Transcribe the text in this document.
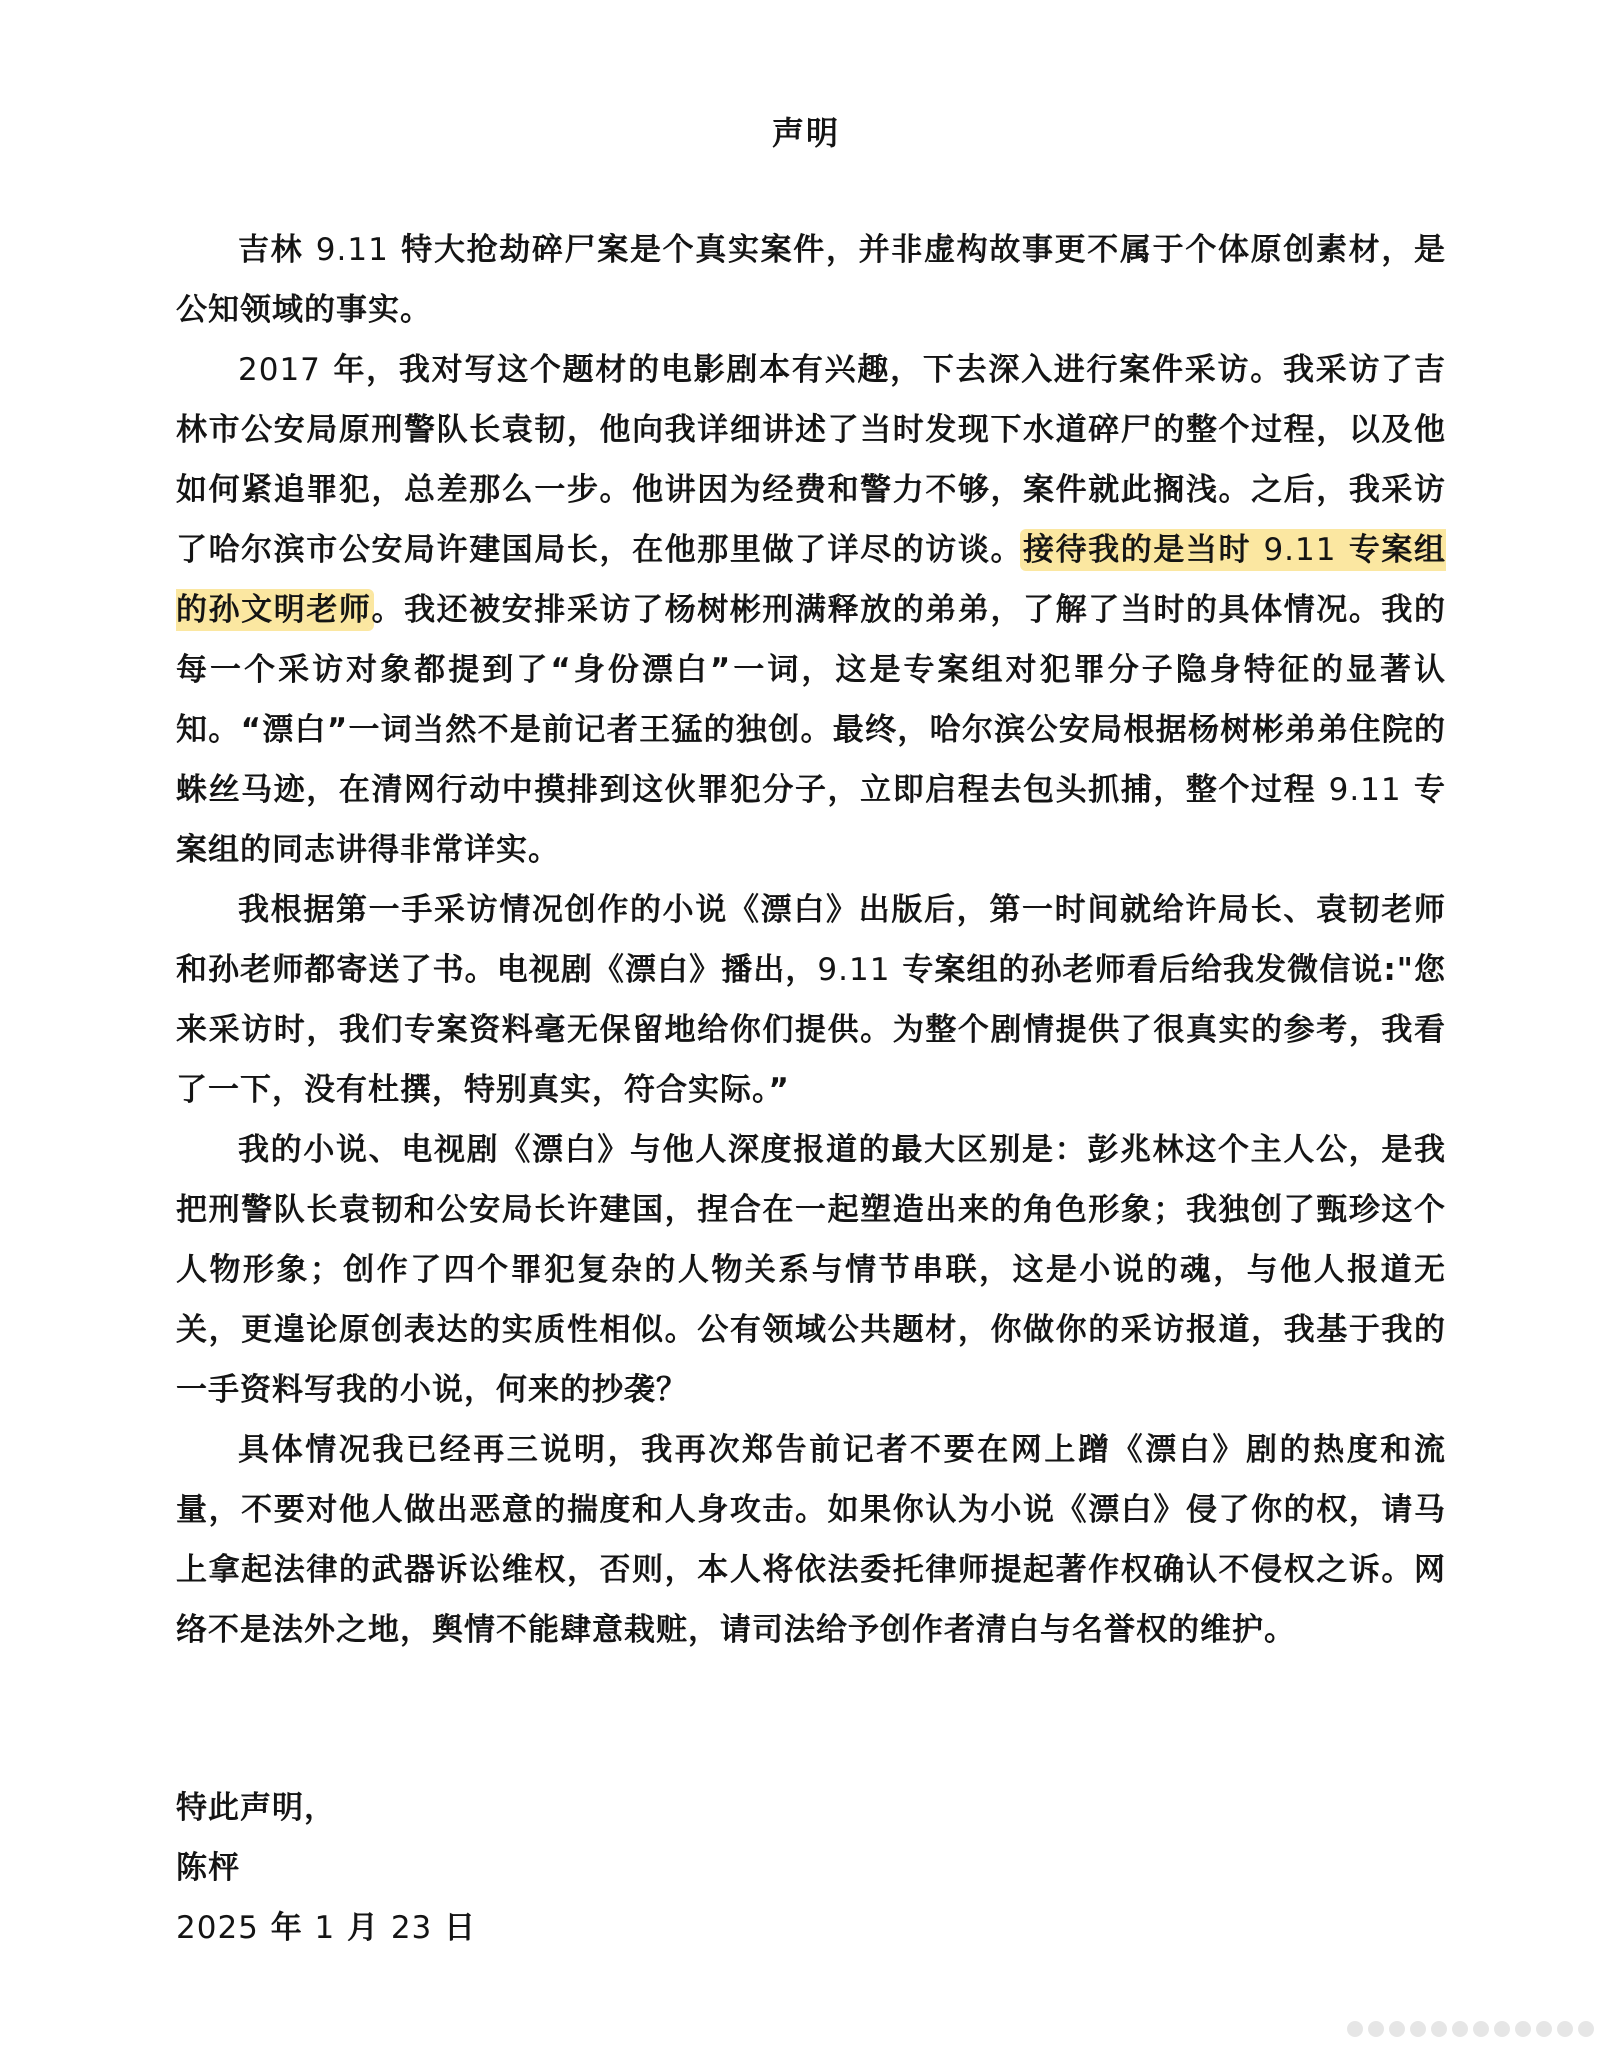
声明

吉林 9.11 特大抢劫碎尸案是个真实案件，并非虚构故事更不属于个体原创素材，是公知领域的事实。

2017 年，我对写这个题材的电影剧本有兴趣，下去深入进行案件采访。我采访了吉林市公安局原刑警队长袁韧，他向我详细讲述了当时发现下水道碎尸的整个过程，以及他如何紧追罪犯，总差那么一步。他讲因为经费和警力不够，案件就此搁浅。之后，我采访了哈尔滨市公安局许建国局长，在他那里做了详尽的访谈。接待我的是当时 9.11 专案组的孙文明老师。我还被安排采访了杨树彬刑满释放的弟弟，了解了当时的具体情况。我的每一个采访对象都提到了“身份漂白”一词，这是专案组对犯罪分子隐身特征的显著认知。“漂白”一词当然不是前记者王猛的独创。最终，哈尔滨公安局根据杨树彬弟弟住院的蛛丝马迹，在清网行动中摸排到这伙罪犯分子，立即启程去包头抓捕，整个过程 9.11 专案组的同志讲得非常详实。

我根据第一手采访情况创作的小说《漂白》出版后，第一时间就给许局长、袁韧老师和孙老师都寄送了书。电视剧《漂白》播出，9.11 专案组的孙老师看后给我发微信说:"您来采访时，我们专案资料毫无保留地给你们提供。为整个剧情提供了很真实的参考，我看了一下，没有杜撰，特别真实，符合实际。”

我的小说、电视剧《漂白》与他人深度报道的最大区别是：彭兆林这个主人公，是我把刑警队长袁韧和公安局长许建国，捏合在一起塑造出来的角色形象；我独创了甄珍这个人物形象；创作了四个罪犯复杂的人物关系与情节串联，这是小说的魂，与他人报道无关，更遑论原创表达的实质性相似。公有领域公共题材，你做你的采访报道，我基于我的一手资料写我的小说，何来的抄袭？

具体情况我已经再三说明，我再次郑告前记者不要在网上蹭《漂白》剧的热度和流量，不要对他人做出恶意的揣度和人身攻击。如果你认为小说《漂白》侵了你的权，请马上拿起法律的武器诉讼维权，否则，本人将依法委托律师提起著作权确认不侵权之诉。网络不是法外之地，舆情不能肆意栽赃，请司法给予创作者清白与名誉权的维护。

特此声明，
陈枰
2025 年 1 月 23 日
